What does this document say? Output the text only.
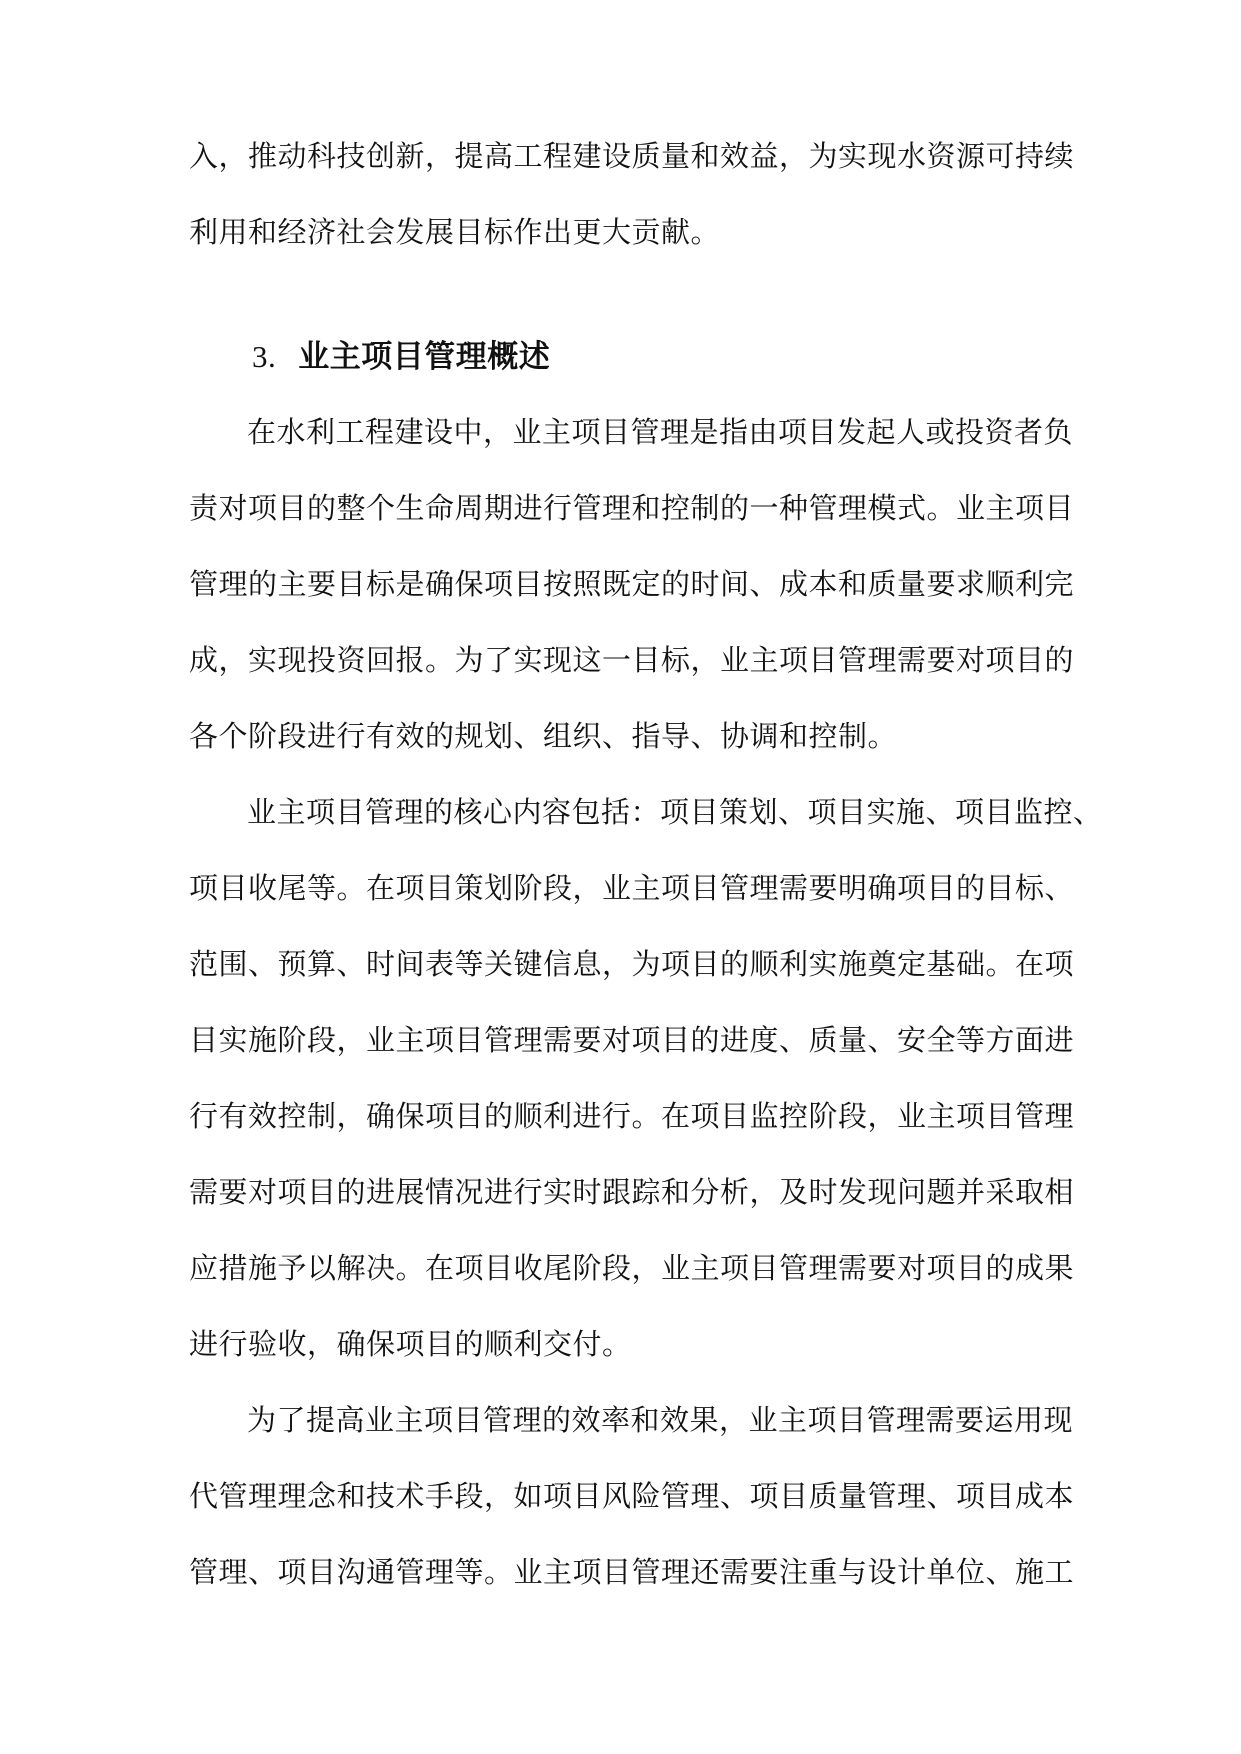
入，推动科技创新，提高工程建设质量和效益，为实现水资源可持续
利用和经济社会发展目标作出更大贡献。
3. 业主项目管理概述
在水利工程建设中，业主项目管理是指由项目发起人或投资者负
责对项目的整个生命周期进行管理和控制的一种管理模式。业主项目
管理的主要目标是确保项目按照既定的时间、成本和质量要求顺利完
成，实现投资回报。为了实现这一目标，业主项目管理需要对项目的
各个阶段进行有效的规划、组织、指导、协调和控制。
业主项目管理的核心内容包括：项目策划、项目实施、项目监控、
项目收尾等。在项目策划阶段，业主项目管理需要明确项目的目标、
范围、预算、时间表等关键信息，为项目的顺利实施奠定基础。在项
目实施阶段，业主项目管理需要对项目的进度、质量、安全等方面进
行有效控制，确保项目的顺利进行。在项目监控阶段，业主项目管理
需要对项目的进展情况进行实时跟踪和分析，及时发现问题并采取相
应措施予以解决。在项目收尾阶段，业主项目管理需要对项目的成果
进行验收，确保项目的顺利交付。
为了提高业主项目管理的效率和效果，业主项目管理需要运用现
代管理理念和技术手段，如项目风险管理、项目质量管理、项目成本
管理、项目沟通管理等。业主项目管理还需要注重与设计单位、施工
